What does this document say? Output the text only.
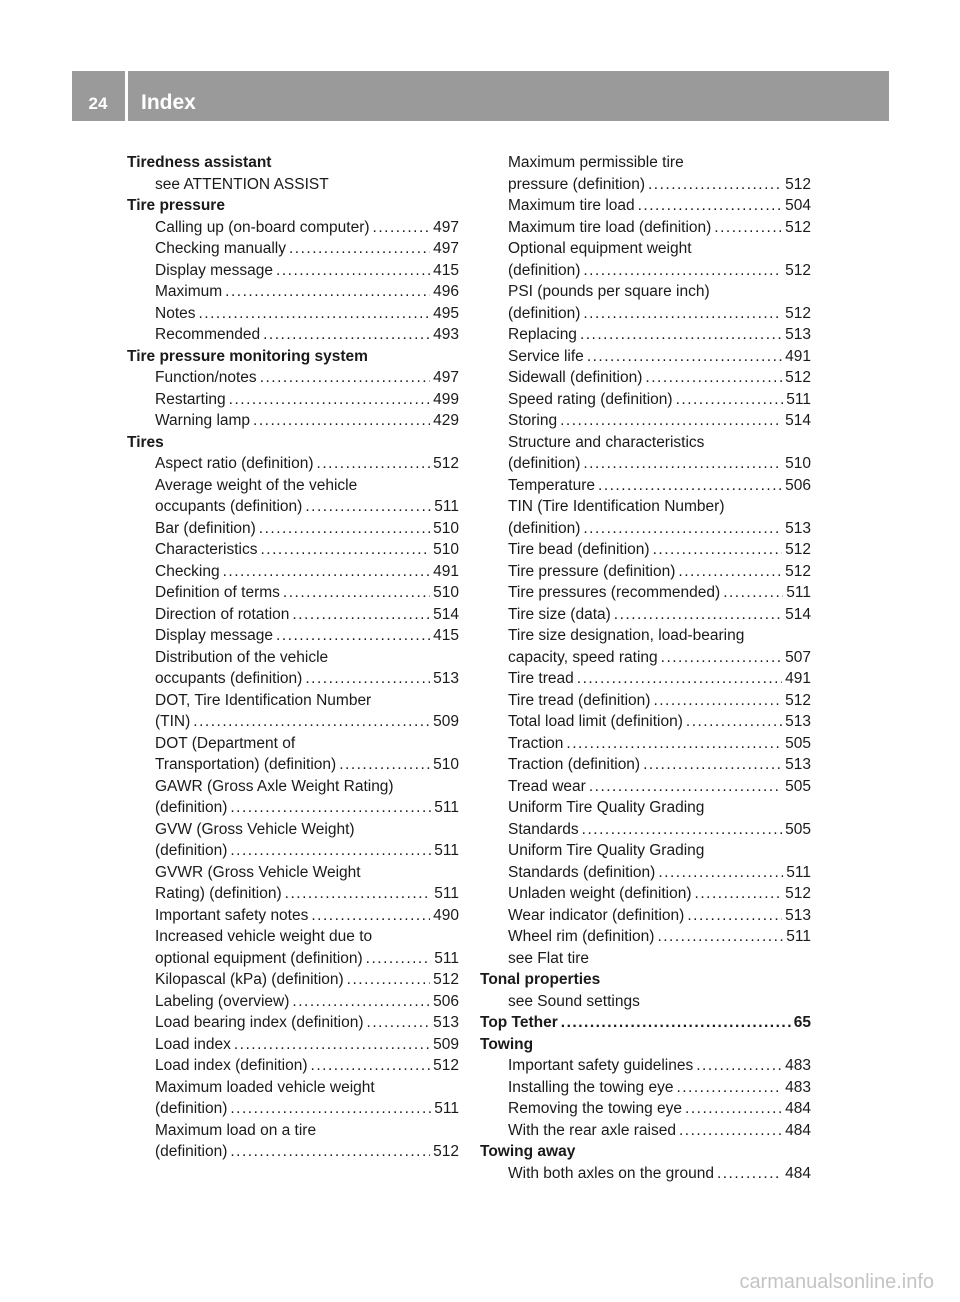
24	Index
Tiredness assistant
see ATTENTION ASSIST
Tire pressure
Calling up (on-board computer) .....	497
Checking manually .....	497
Display message .....	415
Maximum .....	496
Notes .....	495
Recommended .....	493
Tire pressure monitoring system
Function/notes .....	497
Restarting .....	499
Warning lamp .....	429
Tires
Aspect ratio (definition) .....	512
Average weight of the vehicle
occupants (definition) .....	511
Bar (definition) .....	510
Characteristics .....	510
Checking .....	491
Definition of terms .....	510
Direction of rotation .....	514
Display message .....	415
Distribution of the vehicle
occupants (definition) .....	513
DOT, Tire Identification Number
(TIN) .....	509
DOT (Department of
Transportation) (definition) .....	510
GAWR (Gross Axle Weight Rating)
(definition) .....	511
GVW (Gross Vehicle Weight)
(definition) .....	511
GVWR (Gross Vehicle Weight
Rating) (definition) .....	511
Important safety notes .....	490
Increased vehicle weight due to
optional equipment (definition) .....	511
Kilopascal (kPa) (definition) .....	512
Labeling (overview) .....	506
Load bearing index (definition) .....	513
Load index .....	509
Load index (definition) .....	512
Maximum loaded vehicle weight
(definition) .....	511
Maximum load on a tire
(definition) .....	512
Maximum permissible tire
pressure (definition) .....	512
Maximum tire load .....	504
Maximum tire load (definition) .....	512
Optional equipment weight
(definition) .....	512
PSI (pounds per square inch)
(definition) .....	512
Replacing .....	513
Service life .....	491
Sidewall (definition) .....	512
Speed rating (definition) .....	511
Storing .....	514
Structure and characteristics
(definition) .....	510
Temperature .....	506
TIN (Tire Identification Number)
(definition) .....	513
Tire bead (definition) .....	512
Tire pressure (definition) .....	512
Tire pressures (recommended) .....	511
Tire size (data) .....	514
Tire size designation, load-bearing
capacity, speed rating .....	507
Tire tread .....	491
Tire tread (definition) .....	512
Total load limit (definition) .....	513
Traction .....	505
Traction (definition) .....	513
Tread wear .....	505
Uniform Tire Quality Grading
Standards .....	505
Uniform Tire Quality Grading
Standards (definition) .....	511
Unladen weight (definition) .....	512
Wear indicator (definition) .....	513
Wheel rim (definition) .....	511
see Flat tire
Tonal properties
see Sound settings
Top Tether .....	65
Towing
Important safety guidelines .....	483
Installing the towing eye .....	483
Removing the towing eye .....	484
With the rear axle raised .....	484
Towing away
With both axles on the ground .....	484
carmanualsonline.info
